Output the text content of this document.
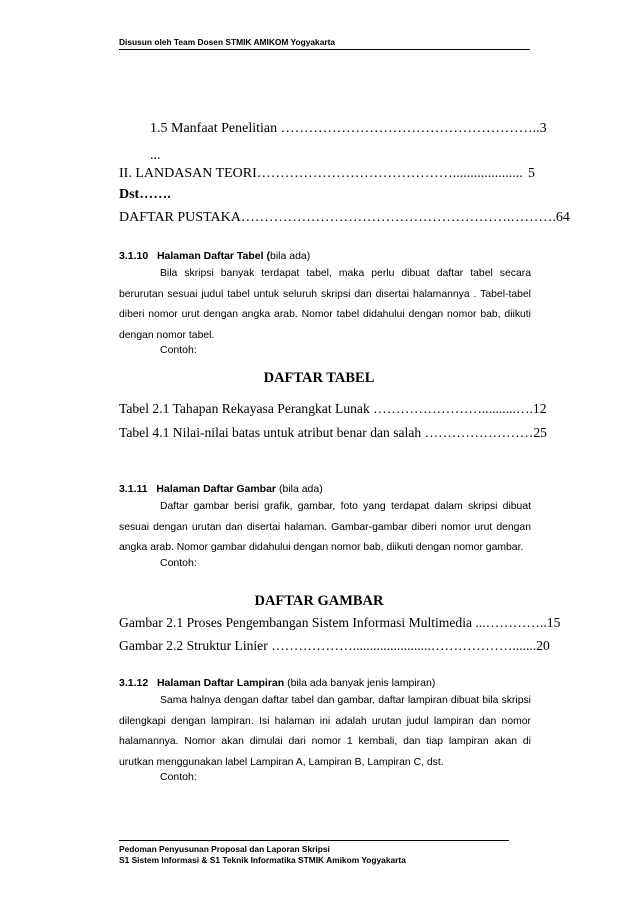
Disusun oleh Team Dosen STMIK AMIKOM Yogyakarta
1.5 Manfaat Penelitian ……………………………………………….. 3
...
II. LANDASAN TEORI…………………………………….................... 5
Dst…….
DAFTAR PUSTAKA………………………………………………….………. 64
3.1.10 Halaman Daftar Tabel (bila ada)
Bila skripsi banyak terdapat tabel, maka perlu dibuat daftar tabel secara berurutan sesuai judul tabel untuk seluruh skripsi dan disertai halamannya . Tabel-tabel diberi nomor urut dengan angka arab. Nomor tabel didahului dengan nomor bab, diikuti dengan nomor tabel.
Contoh:
DAFTAR TABEL
Tabel 2.1 Tahapan Rekayasa Perangkat Lunak ……………………..........…. 12
Tabel 4.1 Nilai-nilai batas untuk atribut benar dan salah …………………… 25
3.1.11 Halaman Daftar Gambar (bila ada)
Daftar gambar berisi grafik, gambar, foto yang terdapat dalam skripsi dibuat sesuai dengan urutan dan disertai halaman. Gambar-gambar diberi nomor urut dengan angka arab. Nomor gambar didahului dengan nomor bab, diikuti dengan nomor gambar.
Contoh:
DAFTAR GAMBAR
Gambar 2.1 Proses Pengembangan Sistem Informasi Multimedia ...………….. 15
Gambar 2.2 Struktur Linier ……………….......................………………....... 20
3.1.12 Halaman Daftar Lampiran (bila ada banyak jenis lampiran)
Sama halnya dengan daftar tabel dan gambar, daftar lampiran dibuat bila skripsi dilengkapi dengan lampiran. Isi halaman ini adalah urutan judul lampiran dan nomor halamannya. Nomor akan dimulai dari nomor 1 kembali, dan tiap lampiran akan di urutkan menggunakan label Lampiran A, Lampiran B, Lampiran C, dst.
Contoh:
Pedoman Penyusunan Proposal dan Laporan Skripsi
S1 Sistem Informasi & S1 Teknik Informatika STMIK Amikom Yogyakarta
